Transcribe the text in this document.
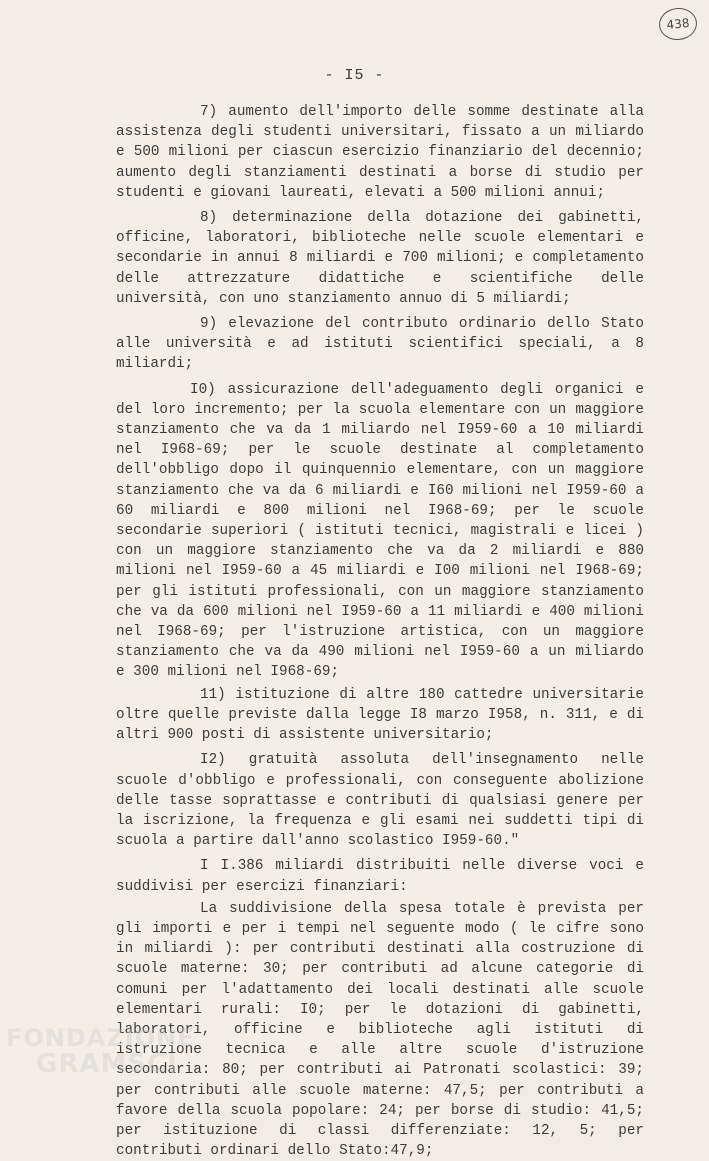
438
- I5 -

7) aumento dell'importo delle somme destinate alla assistenza degli studenti universitari, fissato a un miliardo e 500 milioni per ciascun esercizio finanziario del decennio; aumento degli stanziamenti destinati a borse di studio per studenti e giovani laureati, elevati a 500 milioni annui;

8) determinazione della dotazione dei gabinetti, officine, laboratori, biblioteche nelle scuole elementari e secondarie in annui 8 miliardi e 700 milioni; e completamento delle attrezzature didattiche e scientifiche delle università, con uno stanziamento annuo di 5 miliardi;

9) elevazione del contributo ordinario dello Stato alle università e ad istituti scientifici speciali, a 8 miliardi;

I0) assicurazione dell'adeguamento degli organici e del loro incremento; per la scuola elementare con un maggiore stanziamento che va da 1 miliardo nel I959-60 a 10 miliardi nel I968-69; per le scuole destinate al completamento dell'obbligo dopo il quinquennio elementare, con un maggiore stanziamento che va da 6 miliardi e I60 milioni nel I959-60 a 60 miliardi e 800 milioni nel I968-69; per le scuole secondarie superiori ( istituti tecnici, magistrali e licei ) con un maggiore stanziamento che va da 2 miliardi e 880 milioni nel I959-60 a 45 miliardi e I00 milioni nel I968-69; per gli istituti professionali, con un maggiore stanziamento che va da 600 milioni nel I959-60 a 11 miliardi e 400 milioni nel I968-69; per l'istruzione artistica, con un maggiore stanziamento che va da 490 milioni nel I959-60 a un miliardo e 300 milioni nel I968-69;

11) istituzione di altre 180 cattedre universitarie oltre quelle previste dalla legge I8 marzo I958, n. 311, e di altri 900 posti di assistente universitario;

I2) gratuità assoluta dell'insegnamento nelle scuole d'obbligo e professionali, con conseguente abolizione delle tasse soprattasse e contributi di qualsiasi genere per la iscrizione, la frequenza e gli esami nei suddetti tipi di scuola a partire dall'anno scolastico I959-60."

I I.386 miliardi distribuiti nelle diverse voci e suddivisi per esercizi finanziari:

La suddivisione della spesa totale è prevista per gli importi e per i tempi nel seguente modo ( le cifre sono in miliardi ): per contributi destinati alla costruzione di scuole materne: 30; per contributi ad alcune categorie di comuni per l'adattamento dei locali destinati alle scuole elementari rurali: I0; per le dotazioni di gabinetti, laboratori, officine e biblioteche agli istituti di istruzione tecnica e alle altre scuole d'istruzione secondaria: 80; per contributi ai Patronati scolastici: 39; per contributi alle scuole materne: 47,5; per contributi a favore della scuola popolare: 24; per borse di studio: 41,5; per istituzione di classi differenziate: 12, 5; per contributi ordinari dello Stato:47,9;

FONDAZIONE
GRAMSCI
